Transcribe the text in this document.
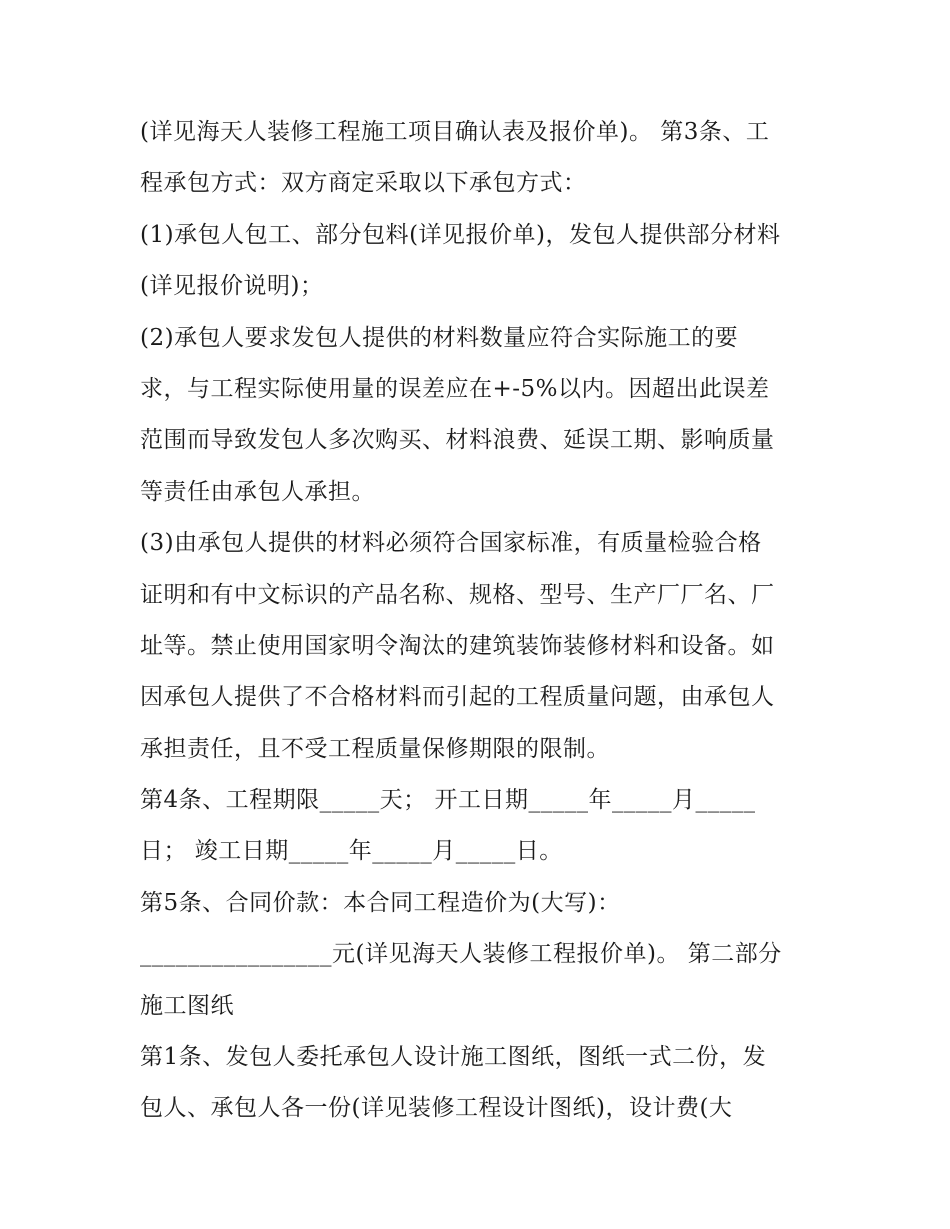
(详见海天人装修工程施工项目确认表及报价单)。 第3条、工

程承包方式：双方商定采取以下承包方式：

(1)承包人包工、部分包料(详见报价单)，发包人提供部分材料

(详见报价说明)；

(2)承包人要求发包人提供的材料数量应符合实际施工的要

求，与工程实际使用量的误差应在+-5%以内。因超出此误差

范围而导致发包人多次购买、材料浪费、延误工期、影响质量

等责任由承包人承担。

(3)由承包人提供的材料必须符合国家标准，有质量检验合格

证明和有中文标识的产品名称、规格、型号、生产厂厂名、厂

址等。禁止使用国家明令淘汰的建筑装饰装修材料和设备。如

因承包人提供了不合格材料而引起的工程质量问题，由承包人

承担责任，且不受工程质量保修期限的限制。

第4条、工程期限_____天； 开工日期_____年_____月_____

日； 竣工日期_____年_____月_____日。

第5条、合同价款：本合同工程造价为(大写)：

________________元(详见海天人装修工程报价单)。 第二部分

施工图纸

第1条、发包人委托承包人设计施工图纸，图纸一式二份，发

包人、承包人各一份(详见装修工程设计图纸)，设计费(大
